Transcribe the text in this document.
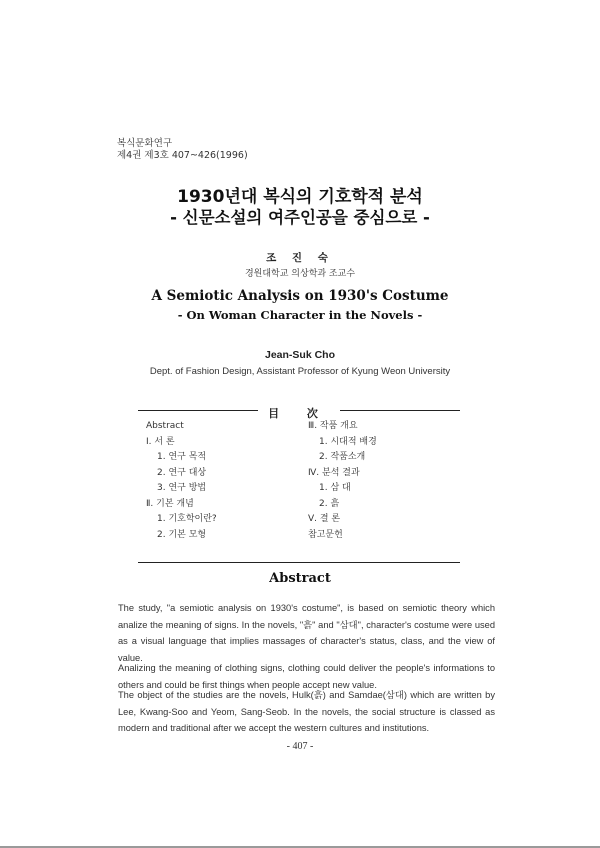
복식문화연구
제4권 제3호 407~426(1996)
1930년대 복식의 기호학적 분석
- 신문소설의 여주인공을 중심으로 -
조 진 숙
경원대학교 의상학과 조교수
A Semiotic Analysis on 1930's Costume
- On Woman Character in the Novels -
Jean-Suk Cho
Dept. of Fashion Design, Assistant Professor of Kyung Weon University
目 次
Abstract
Ⅰ. 서 론
1. 연구 목적
2. 연구 대상
3. 연구 방법
Ⅱ. 기본 개념
1. 기호학이란?
2. 기본 모형
Ⅲ. 작품 개요
1. 시대적 배경
2. 작품소개
Ⅳ. 분석 결과
1. 삼 대
2. 흙
Ⅴ. 결 론
참고문헌
Abstract
The study, "a semiotic analysis on 1930's costume", is based on semiotic theory which analize the meaning of signs. In the novels, "흙" and "삼대", character's costume were used as a visual language that implies massages of character's status, class, and the view of value.
Analizing the meaning of clothing signs, clothing could deliver the people's informations to others and could be first things when people accept new value.
The object of the studies are the novels, Hulk(흙) and Samdae(삼대) which are written by Lee, Kwang-Soo and Yeom, Sang-Seob. In the novels, the social structure is classed as modern and traditional after we accept the western cultures and institutions.
- 407 -
